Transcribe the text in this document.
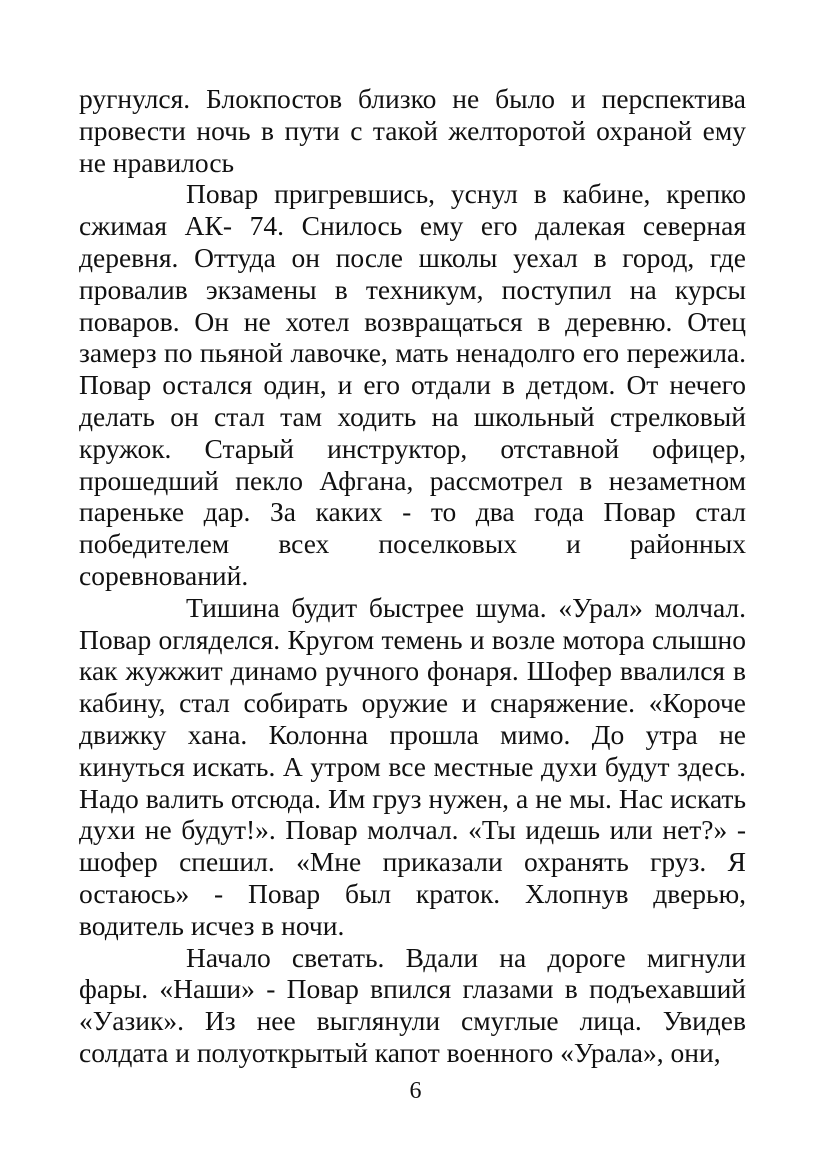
ругнулся. Блокпостов близко не было и перспектива провести ночь в пути с такой желторотой охраной ему не нравилось

Повар пригревшись, уснул в кабине, крепко сжимая АК- 74. Снилось ему его далекая северная деревня. Оттуда он после школы уехал в город, где провалив экзамены в техникум, поступил на курсы поваров. Он не хотел возвращаться в деревню. Отец замерз по пьяной лавочке, мать ненадолго его пережила. Повар остался один, и его отдали в детдом. От нечего делать он стал там ходить на школьный стрелковый кружок. Старый инструктор, отставной офицер, прошедший пекло Афгана, рассмотрел в незаметном пареньке дар. За каких - то два года Повар стал победителем всех поселковых и районных соревнований.

Тишина будит быстрее шума. «Урал» молчал. Повар огляделся. Кругом темень и возле мотора слышно как жужжит динамо ручного фонаря. Шофер ввалился в кабину, стал собирать оружие и снаряжение. «Короче движку хана. Колонна прошла мимо. До утра не кинуться искать. А утром все местные духи будут здесь. Надо валить отсюда. Им груз нужен, а не мы. Нас искать духи не будут!». Повар молчал. «Ты идешь или нет?» - шофер спешил. «Мне приказали охранять груз. Я остаюсь» - Повар был краток. Хлопнув дверью, водитель исчез в ночи.

Начало светать. Вдали на дороге мигнули фары. «Наши» - Повар впился глазами в подъехавший «Уазик». Из нее выглянули смуглые лица. Увидев солдата и полуоткрытый капот военного «Урала», они,

6
